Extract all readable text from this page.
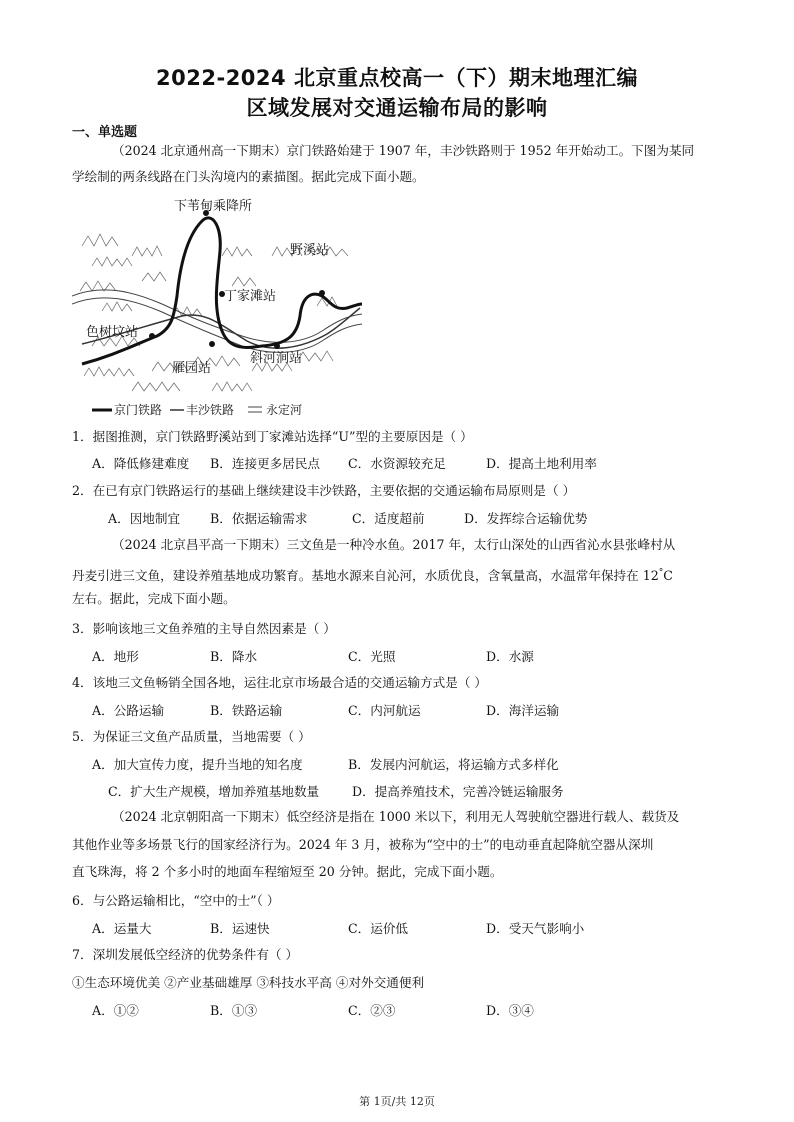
2022-2024 北京重点校高一（下）期末地理汇编
区域发展对交通运输布局的影响
一、单选题
（2024 北京通州高一下期末）京门铁路始建于 1907 年，丰沙铁路则于 1952 年开始动工。下图为某同
学绘制的两条线路在门头沟境内的素描图。据此完成下面小题。
下苇甸乘降所
野溪站
丁家滩站
色树坟站
雁园站
斜河涧站
京门铁路 丰沙铁路	永定河
1．据图推测，京门铁路野溪站到丁家滩站选择“U”型的主要原因是（ ）
A．降低修建难度 B．连接更多居民点 C．水资源较充足	D．提高土地利用率
2．在已有京门铁路运行的基础上继续建设丰沙铁路，主要依据的交通运输布局原则是（ ）
A．因地制宜 B．依据运输需求	C．适度超前	D．发挥综合运输优势
（2024 北京昌平高一下期末）三文鱼是一种冷水鱼。2017 年，太行山深处的山西省沁水县张峰村从
丹麦引进三文鱼，建设养殖基地成功繁育。基地水源来自沁河，水质优良，含氧量高，水温常年保持在 12°C
左右。据此，完成下面小题。
3．影响该地三文鱼养殖的主导自然因素是（ ）
A．地形	B．降水	C．光照	D．水源
4．该地三文鱼畅销全国各地，运往北京市场最合适的交通运输方式是（ ）
A．公路运输	B．铁路运输	C．内河航运	D．海洋运输
5．为保证三文鱼产品质量，当地需要（ ）
A．加大宣传力度，提升当地的知名度	B．发展内河航运，将运输方式多样化
C．扩大生产规模，增加养殖基地数量	D．提高养殖技术，完善冷链运输服务
（2024 北京朝阳高一下期末）低空经济是指在 1000 米以下，利用无人驾驶航空器进行载人、载货及
其他作业等多场景飞行的国家经济行为。2024 年 3 月，被称为“空中的士”的电动垂直起降航空器从深圳
直飞珠海，将 2 个多小时的地面车程缩短至 20 分钟。据此，完成下面小题。
6．与公路运输相比，“空中的士”（ ）
A．运量大	B．运速快	C．运价低	D．受天气影响小
7．深圳发展低空经济的优势条件有（ ）
①生态环境优美 ②产业基础雄厚 ③科技水平高 ④对外交通便利
A．①②	B．①③	C．②③	D．③④
第 1页/共 12页
